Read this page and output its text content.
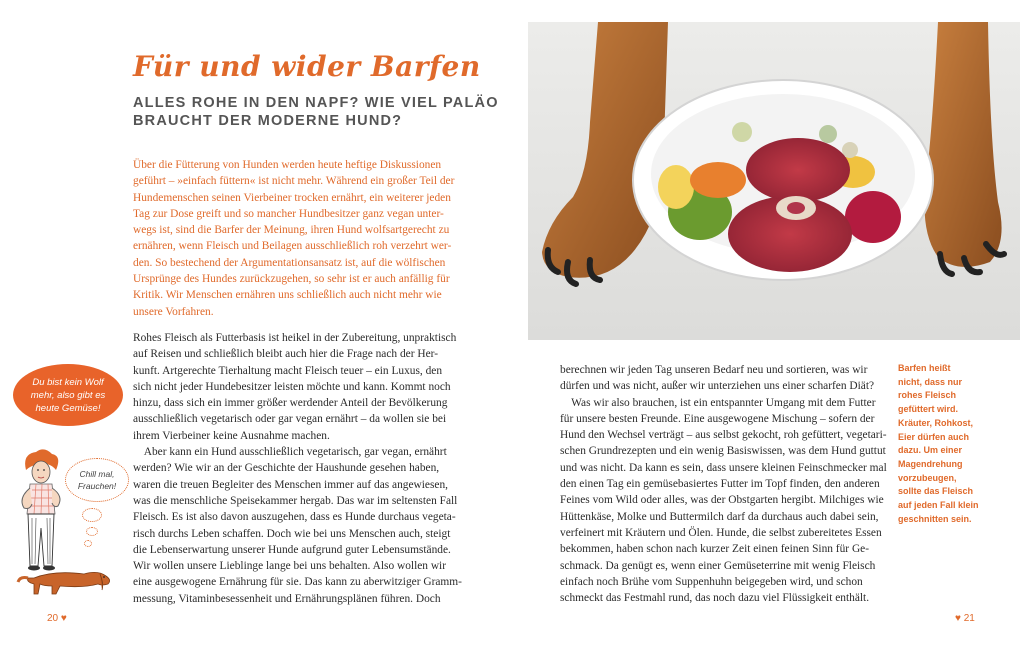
Für und wider Barfen
ALLES ROHE IN DEN NAPF? WIE VIEL PALÄO
BRAUCHT DER MODERNE HUND?
Über die Fütterung von Hunden werden heute heftige Diskussionen
geführt – »einfach füttern« ist nicht mehr. Während ein großer Teil der
Hundemenschen seinen Vierbeiner trocken ernährt, ein weiterer jeden
Tag zur Dose greift und so mancher Hundbesitzer ganz vegan unter-
wegs ist, sind die Barfer der Meinung, ihren Hund wolfsartgerecht zu
ernähren, wenn Fleisch und Beilagen ausschließlich roh verzehrt wer-
den. So bestechend der Argumentationsansatz ist, auf die wölfischen
Ursprünge des Hundes zurückzugehen, so sehr ist er auch anfällig für
Kritik. Wir Menschen ernähren uns schließlich auch nicht mehr wie
unsere Vorfahren.
Rohes Fleisch als Futterbasis ist heikel in der Zubereitung, unpraktisch
auf Reisen und schließlich bleibt auch hier die Frage nach der Her-
kunft. Artgerechte Tierhaltung macht Fleisch teuer – ein Luxus, den
sich nicht jeder Hundebesitzer leisten möchte und kann. Kommt noch
hinzu, dass sich ein immer größer werdender Anteil der Bevölkerung
ausschließlich vegetarisch oder gar vegan ernährt – da wollen sie bei
ihrem Vierbeiner keine Ausnahme machen.
Aber kann ein Hund ausschließlich vegetarisch, gar vegan, ernährt
werden? Wie wir an der Geschichte der Haushunde gesehen haben,
waren die treuen Begleiter des Menschen immer auf das angewiesen,
was die menschliche Speisekammer hergab. Das war im seltensten Fall
Fleisch. Es ist also davon auszugehen, dass es Hunde durchaus vegeta-
risch durchs Leben schaffen. Doch wie bei uns Menschen auch, steigt
die Lebenserwartung unserer Hunde aufgrund guter Lebensumstände.
Wir wollen unsere Lieblinge lange bei uns behalten. Also wollen wir
eine ausgewogene Ernährung für sie. Das kann zu aberwitziger Gramm-
messung, Vitaminbesessenheit und Ernährungsplänen führen. Doch
berechnen wir jeden Tag unseren Bedarf neu und sortieren, was wir
dürfen und was nicht, außer wir unterziehen uns einer scharfen Diät?
Was wir also brauchen, ist ein entspannter Umgang mit dem Futter
für unsere besten Freunde. Eine ausgewogene Mischung – sofern der
Hund den Wechsel verträgt – aus selbst gekocht, roh gefüttert, vegetari-
schen Grundrezepten und ein wenig Basiswissen, was dem Hund guttut
und was nicht. Da kann es sein, dass unsere kleinen Feinschmecker mal
den einen Tag ein gemüsebasiertes Futter im Topf finden, den anderen
Feines vom Wild oder alles, was der Obstgarten hergibt. Milchiges wie
Hüttenkäse, Molke und Buttermilch darf da durchaus auch dabei sein,
verfeinert mit Kräutern und Ölen. Hunde, die selbst zubereitetes Essen
bekommen, haben schon nach kurzer Zeit einen feinen Sinn für Ge-
schmack. Da genügt es, wenn einer Gemüseterrine mit wenig Fleisch
einfach noch Brühe vom Suppenhuhn beigegeben wird, und schon
schmeckt das Festmahl rund, das noch dazu viel Flüssigkeit enthält.
Barfen heißt
nicht, dass nur
rohes Fleisch
gefüttert wird.
Kräuter, Rohkost,
Eier dürfen auch
dazu. Um einer
Magendrehung
vorzubeugen,
sollte das Fleisch
auf jeden Fall klein
geschnitten sein.
Du bist kein Wolf
mehr, also gibt es
heute Gemüse!
Chill mal,
Frauchen!
20 ♥	♥ 21
